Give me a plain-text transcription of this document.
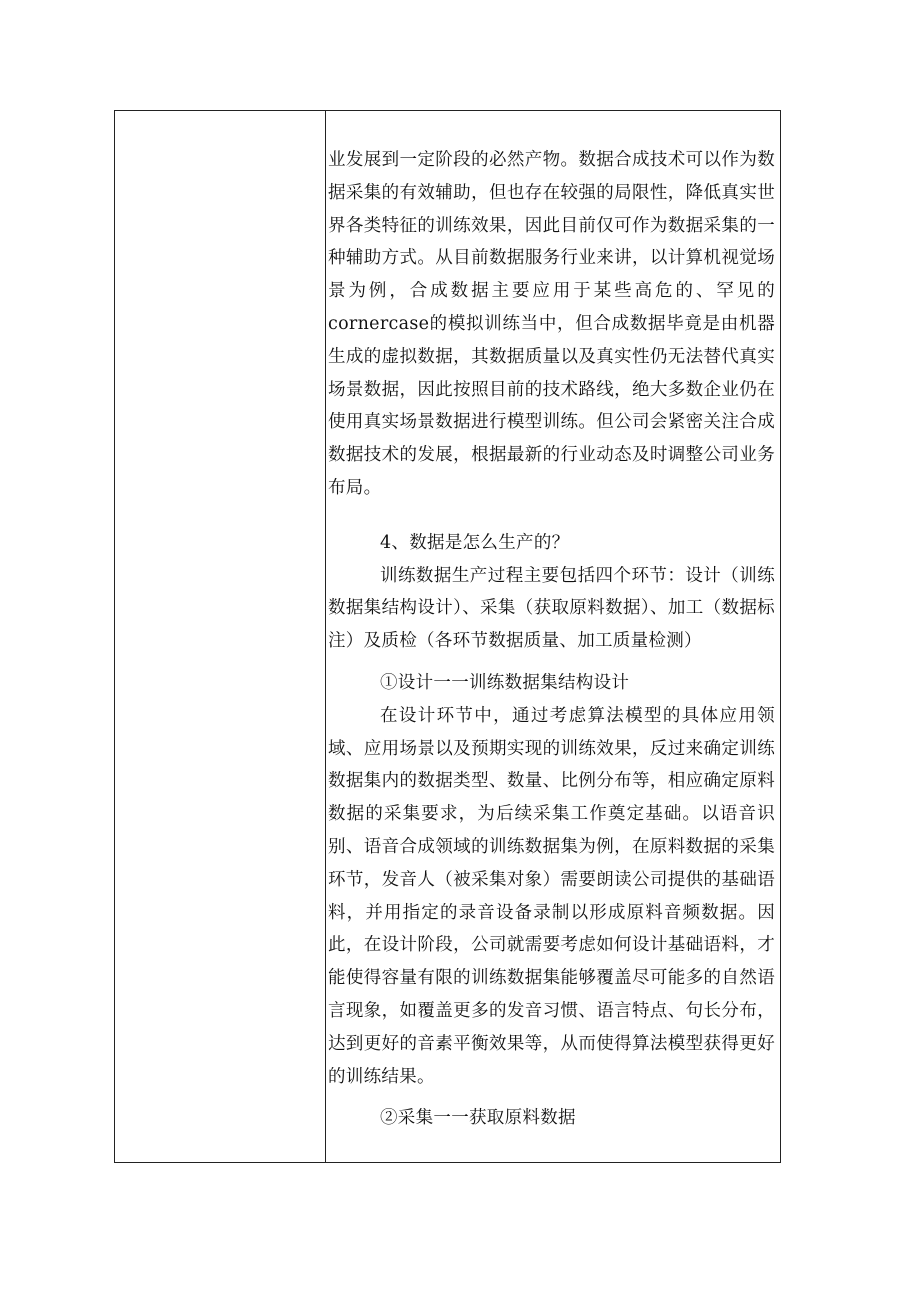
业发展到一定阶段的必然产物。数据合成技术可以作为数据采集的有效辅助，但也存在较强的局限性，降低真实世界各类特征的训练效果，因此目前仅可作为数据采集的一种辅助方式。从目前数据服务行业来讲，以计算机视觉场景为例，合成数据主要应用于某些高危的、罕见的cornercase的模拟训练当中，但合成数据毕竟是由机器生成的虚拟数据，其数据质量以及真实性仍无法替代真实场景数据，因此按照目前的技术路线，绝大多数企业仍在使用真实场景数据进行模型训练。但公司会紧密关注合成数据技术的发展，根据最新的行业动态及时调整公司业务布局。

4、数据是怎么生产的？

训练数据生产过程主要包括四个环节：设计（训练数据集结构设计）、采集（获取原料数据）、加工（数据标注）及质检（各环节数据质量、加工质量检测）

①设计一一训练数据集结构设计

在设计环节中，通过考虑算法模型的具体应用领域、应用场景以及预期实现的训练效果，反过来确定训练数据集内的数据类型、数量、比例分布等，相应确定原料数据的采集要求，为后续采集工作奠定基础。以语音识别、语音合成领域的训练数据集为例，在原料数据的采集环节，发音人（被采集对象）需要朗读公司提供的基础语料，并用指定的录音设备录制以形成原料音频数据。因此，在设计阶段，公司就需要考虑如何设计基础语料，才能使得容量有限的训练数据集能够覆盖尽可能多的自然语言现象，如覆盖更多的发音习惯、语言特点、句长分布，达到更好的音素平衡效果等，从而使得算法模型获得更好的训练结果。

②采集一一获取原料数据
